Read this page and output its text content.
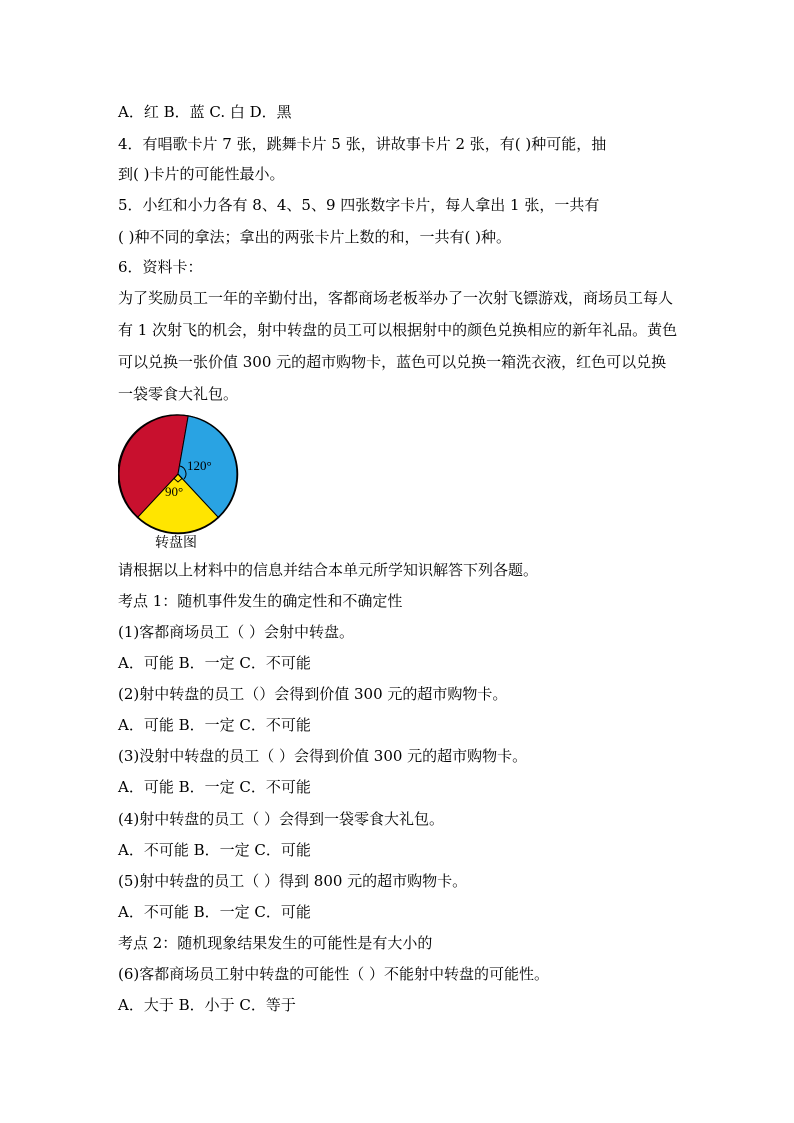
A．红 B．蓝 C. 白 D．黑
4．有唱歌卡片 7 张，跳舞卡片 5 张，讲故事卡片 2 张，有( )种可能，抽
到( )卡片的可能性最小。
5．小红和小力各有 8、4、5、9 四张数字卡片，每人拿出 1 张，一共有
( )种不同的拿法；拿出的两张卡片上数的和，一共有( )种。
6．资料卡：
为了奖励员工一年的辛勤付出，客都商场老板举办了一次射飞镖游戏，商场员工每人有 1 次射飞的机会，射中转盘的员工可以根据射中的颜色兑换相应的新年礼品。黄色可以兑换一张价值 300 元的超市购物卡，蓝色可以兑换一箱洗衣液，红色可以兑换一袋零食大礼包。
120°
90°
转盘图
请根据以上材料中的信息并结合本单元所学知识解答下列各题。
考点 1：随机事件发生的确定性和不确定性
(1)客都商场员工（ ）会射中转盘。
A．可能 B．一定 C．不可能
(2)射中转盘的员工（）会得到价值 300 元的超市购物卡。
A．可能 B．一定 C．不可能
(3)没射中转盘的员工（ ）会得到价值 300 元的超市购物卡。
A．可能 B．一定 C．不可能
(4)射中转盘的员工（ ）会得到一袋零食大礼包。
A．不可能 B．一定 C．可能
(5)射中转盘的员工（ ）得到 800 元的超市购物卡。
A．不可能 B．一定 C．可能
考点 2：随机现象结果发生的可能性是有大小的
(6)客都商场员工射中转盘的可能性（ ）不能射中转盘的可能性。
A．大于 B．小于 C．等于
